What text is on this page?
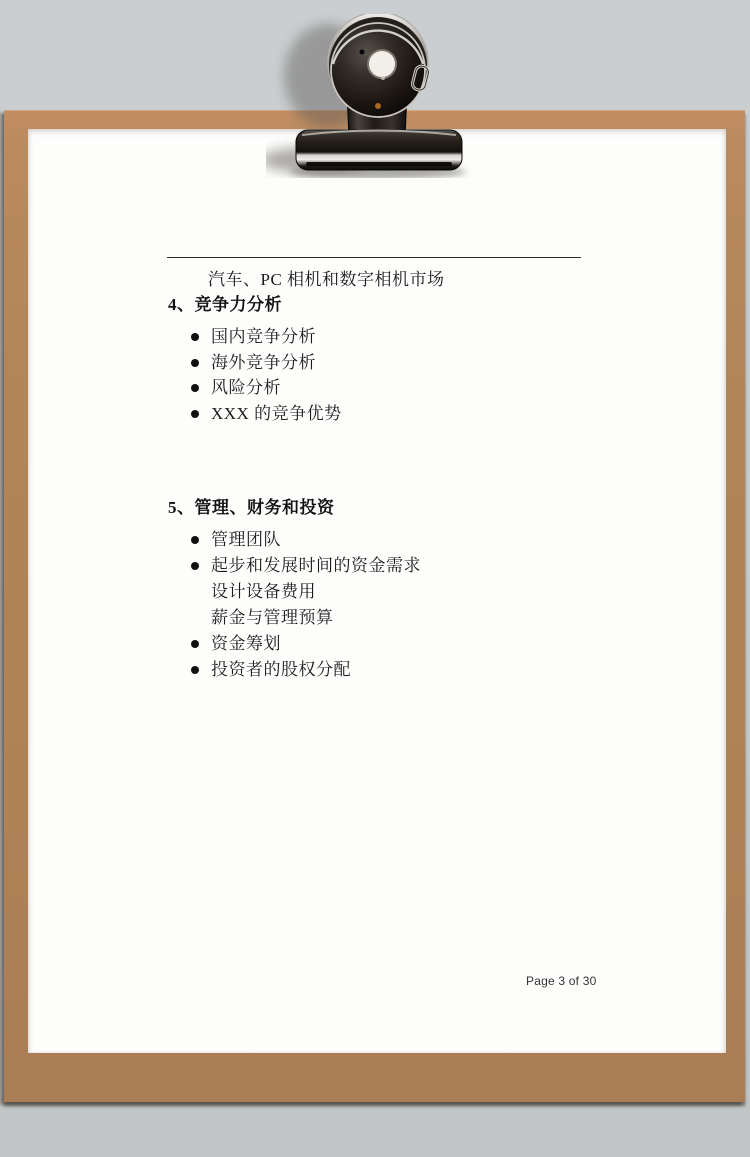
汽车、PC 相机和数字相机市场
4、竞争力分析
国内竞争分析
海外竞争分析
风险分析
XXX 的竞争优势
5、管理、财务和投资
管理团队
起步和发展时间的资金需求
设计设备费用
薪金与管理预算
资金筹划
投资者的股权分配
Page 3 of 30
